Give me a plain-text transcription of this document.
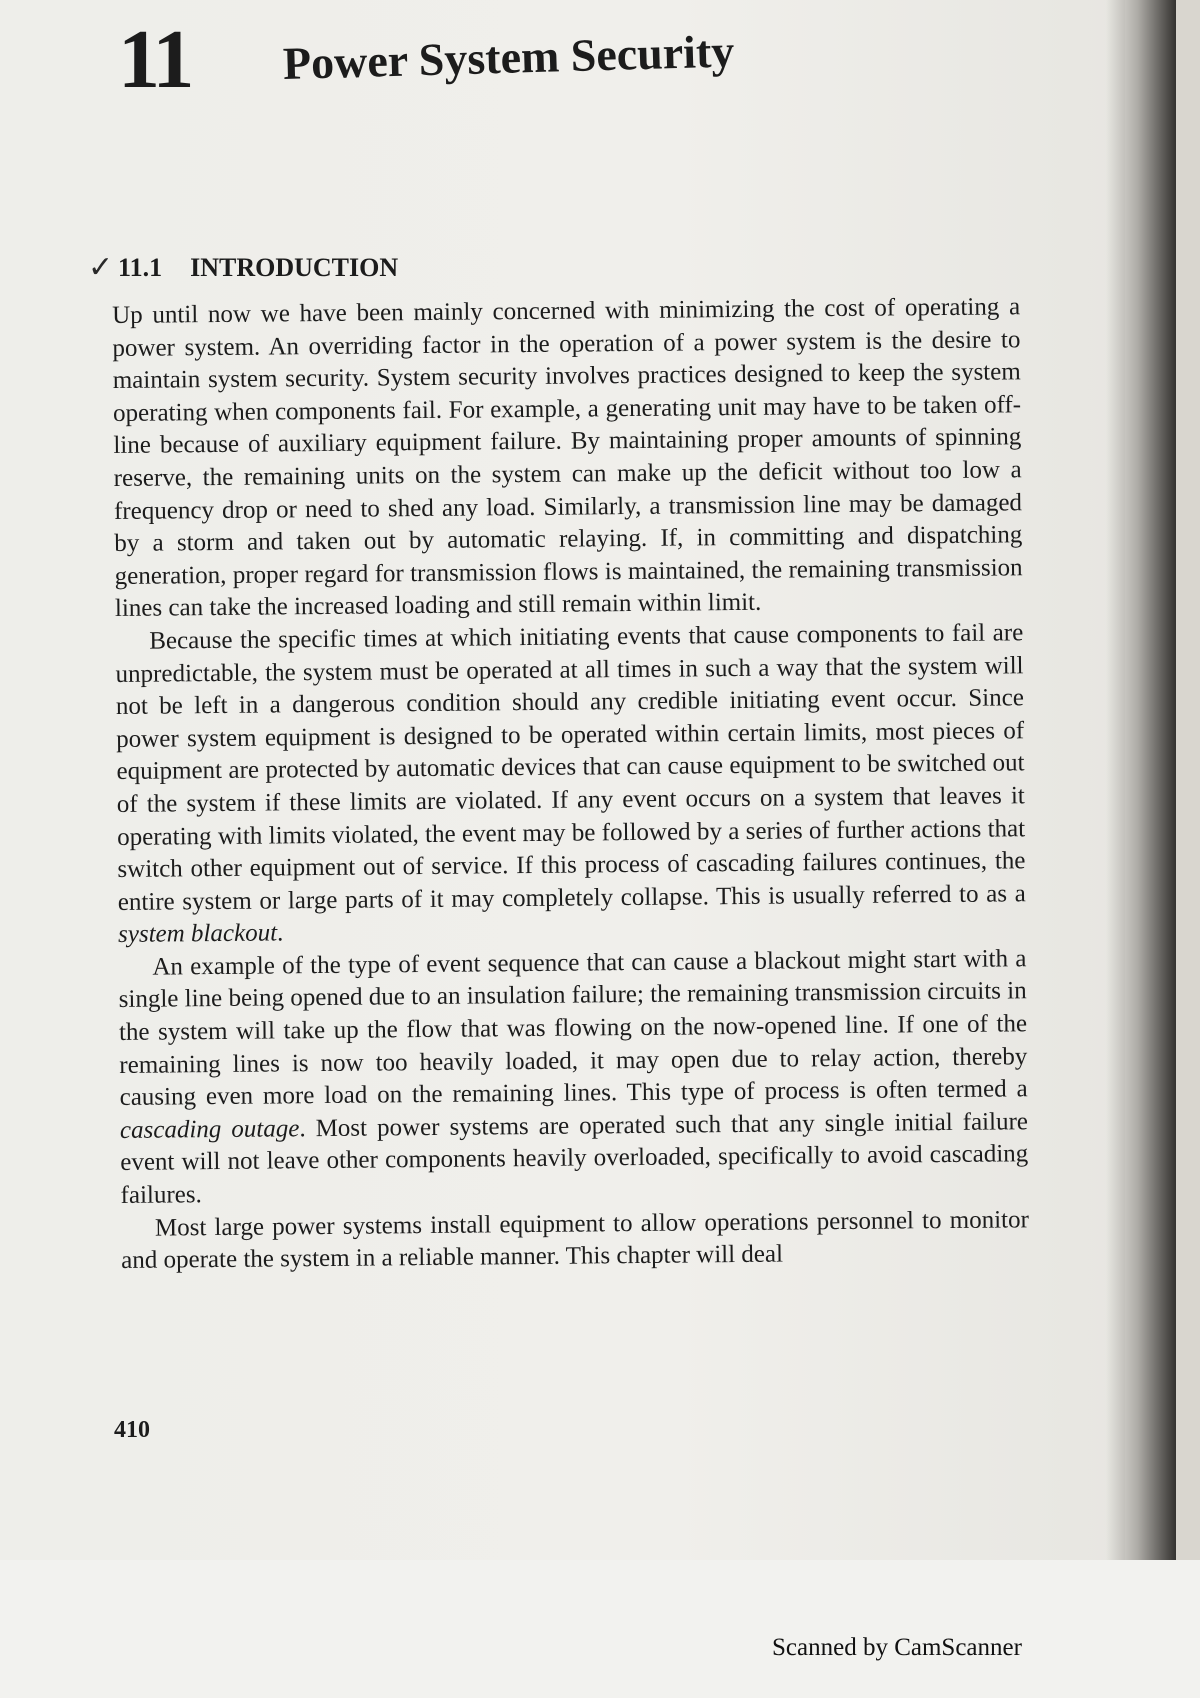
11 Power System Security
✓ 11.1 INTRODUCTION

Up until now we have been mainly concerned with minimizing the cost of operating a power system. An overriding factor in the operation of a power system is the desire to maintain system security. System security involves practices designed to keep the system operating when components fail. For example, a generating unit may have to be taken off-line because of auxiliary equipment failure. By maintaining proper amounts of spinning reserve, the remaining units on the system can make up the deficit without too low a frequency drop or need to shed any load. Similarly, a transmission line may be damaged by a storm and taken out by automatic relaying. If, in committing and dispatching generation, proper regard for transmission flows is maintained, the remaining transmission lines can take the increased loading and still remain within limit.

Because the specific times at which initiating events that cause components to fail are unpredictable, the system must be operated at all times in such a way that the system will not be left in a dangerous condition should any credible initiating event occur. Since power system equipment is designed to be operated within certain limits, most pieces of equipment are protected by automatic devices that can cause equipment to be switched out of the system if these limits are violated. If any event occurs on a system that leaves it operating with limits violated, the event may be followed by a series of further actions that switch other equipment out of service. If this process of cascading failures continues, the entire system or large parts of it may completely collapse. This is usually referred to as a system blackout.

An example of the type of event sequence that can cause a blackout might start with a single line being opened due to an insulation failure; the remaining transmission circuits in the system will take up the flow that was flowing on the now-opened line. If one of the remaining lines is now too heavily loaded, it may open due to relay action, thereby causing even more load on the remaining lines. This type of process is often termed a cascading outage. Most power systems are operated such that any single initial failure event will not leave other components heavily overloaded, specifically to avoid cascading failures.

Most large power systems install equipment to allow operations personnel to monitor and operate the system in a reliable manner. This chapter will deal

410
Scanned by CamScanner
